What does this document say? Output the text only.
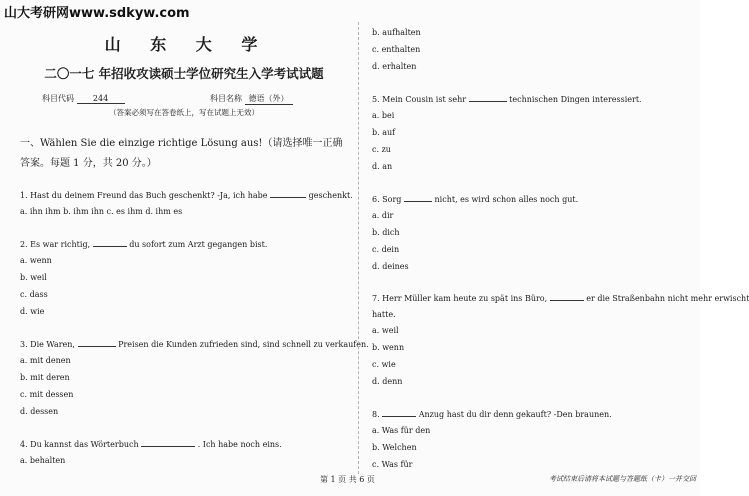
山大考研网www.sdkyw.com
山 东 大 学
二〇一七 年招收攻读硕士学位研究生入学考试试题
科目代码 244	科目名称 德语（外）
（答案必须写在答卷纸上，写在试题上无效）
一、Wählen Sie die einzige richtige Lösung aus!（请选择唯一正确答案。每题 1 分，共 20 分。）
1. Hast du deinem Freund das Buch geschenkt? -Ja, ich habe	geschenkt.
a. ihn ihm b. ihm ihn c. es ihm d. ihm es
2. Es war richtig,	du sofort zum Arzt gegangen bist.
a. wenn
b. weil
c. dass
d. wie
3. Die Waren,	Preisen die Kunden zufrieden sind, sind schnell zu verkaufen.
a. mit denen
b. mit deren
c. mit dessen
d. dessen
4. Du kannst das Wörterbuch	. Ich habe noch eins.
a. behalten
b. aufhalten
c. enthalten
d. erhalten
5. Mein Cousin ist sehr	technischen Dingen interessiert.
a. bei
b. auf
c. zu
d. an
6. Sorg	nicht, es wird schon alles noch gut.
a. dir
b. dich
c. dein
d. deines
7. Herr Müller kam heute zu spät ins Büro,	er die Straßenbahn nicht mehr erwischt
hatte.
a. weil
b. wenn
c. wie
d. denn
8.	Anzug hast du dir denn gekauft? -Den braunen.
a. Was für den
b. Welchen
c. Was für
第 1 页 共 6 页	考试结束后请将本试题与答题纸（卡）一并交回
